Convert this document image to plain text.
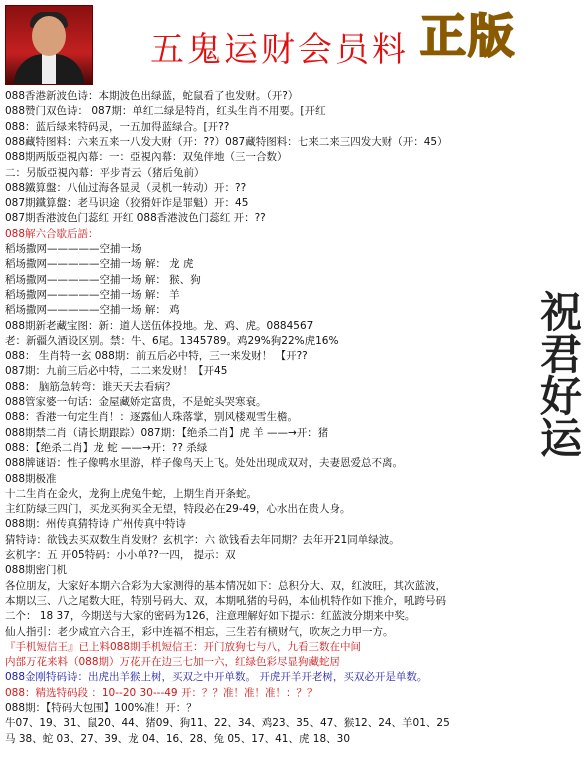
五鬼运财会员料 正版
祝君好运
088香港新波色诗：本期波色出绿蓝，蛇鼠看了也发财。（开?）
088赞门双色诗： 087期：单红二绿是特肖，红头生肖不用要。[开红
088：蓝后绿来特码灵，一五加得蓝绿合。[开??
088藏特图料：六来五来一八发大财（开：??）087藏特图料：七来二来三四发大财（开：45）
088期两版亞視內幕：一：亞視內幕：双兔伴地（三一合数）
二：另版亞視內幕：平步青云（猪后兔前）
088鐵算盤：八仙过海各显灵（灵机一转动）开：??
087期鐵算盤：老马识途（狡猾奸诈是罪魁）开：45
087期香港波色门蕊红 开红 088香港波色门蕊红 开：??
088解六合歇后語：
稻场撒网—————空捕一场
稻场撒网—————空捕一场 解： 龙 虎
稻场撒网—————空捕一场 解： 猴、狗
稻场撒网—————空捕一场 解： 羊
稻场撒网—————空捕一场 解： 鸡
088期新老藏宝图：新：道人送伍体投地。龙、鸡、虎。0884567
老：新疆久酒设区别。禁：牛、6尾。1345789。鸡29%狗22%虎16%
088： 生肖特一玄 088期：前五后必中特，三一来发财！ 【开??
087期：九前三后必中特，二二来发财！【开45
088： 脑筋急转弯：谁天天去看病？
088管家婆一句话：金屋藏娇定富贵，不是蛇头哭寒衰。
088：香港一句定生肖！：逐露仙人珠落掌，别风楼观雪生檐。
088期禁二肖（请长期跟踪）087期：【绝杀二肖】虎 羊 ——→开：猪
088：【绝杀二肖】龙 蛇 ——→开：?? 杀绿
088牌谜语：性子像鸭水里游，样子像鸟天上飞。处处出现成双对，夫妻恩爱总不离。
088期极准
十二生肖在金火，龙狗上虎兔牛蛇，上期生肖开条蛇。
主红防绿三四门，买龙买狗买全无望，特段必在29-49，心水出在贵人身。
088期：州传真猜特诗 广州传真中特诗
猜特诗：欲钱去买双数生肖发财？玄机字：六 欲钱看去年同期？去年开21同单绿波。
玄机字：五 开05特码：小小单??一四， 提示：双
088期密门机
各位朋友，大家好本期六合彩为大家测得的基本情况如下：总积分大、双，红波旺，其次蓝波，
本期以三、八之尾数大旺，特别号码大、双，本期吼猪的号码，本仙机特作如下推介，吼跨号码
二个： 18 37，今期送与大家的密码为126，注意理解好如下提示：红蓝波分期来中奖。
仙人指引：老少咸宜六合王，彩中连福不相忘，三生若有横财气，吹灰之力甲一方。
『手机短信王』已上料088期手机短信王：开门放狗七与八，九看三数在中间
内部万花来料（088期）万花开在边三七加一六，红绿色彩尽显狗藏蛇居
088金刚特码诗：出虎出羊猴上树，买双之中开单数。 开虎开羊开老树，买双必开是单数。
088：精选特码段 ：10--20 30---49 开：？？准！准！准！：？？
088期：【特码大包围】100%准！开：？
牛07、19、31、鼠20、44、猪09、狗11、22、34、鸡23、35、47、猴12、24、羊01、25
马 38、蛇 03、27、39、龙 04、16、28、兔 05、17、41、虎 18、30
